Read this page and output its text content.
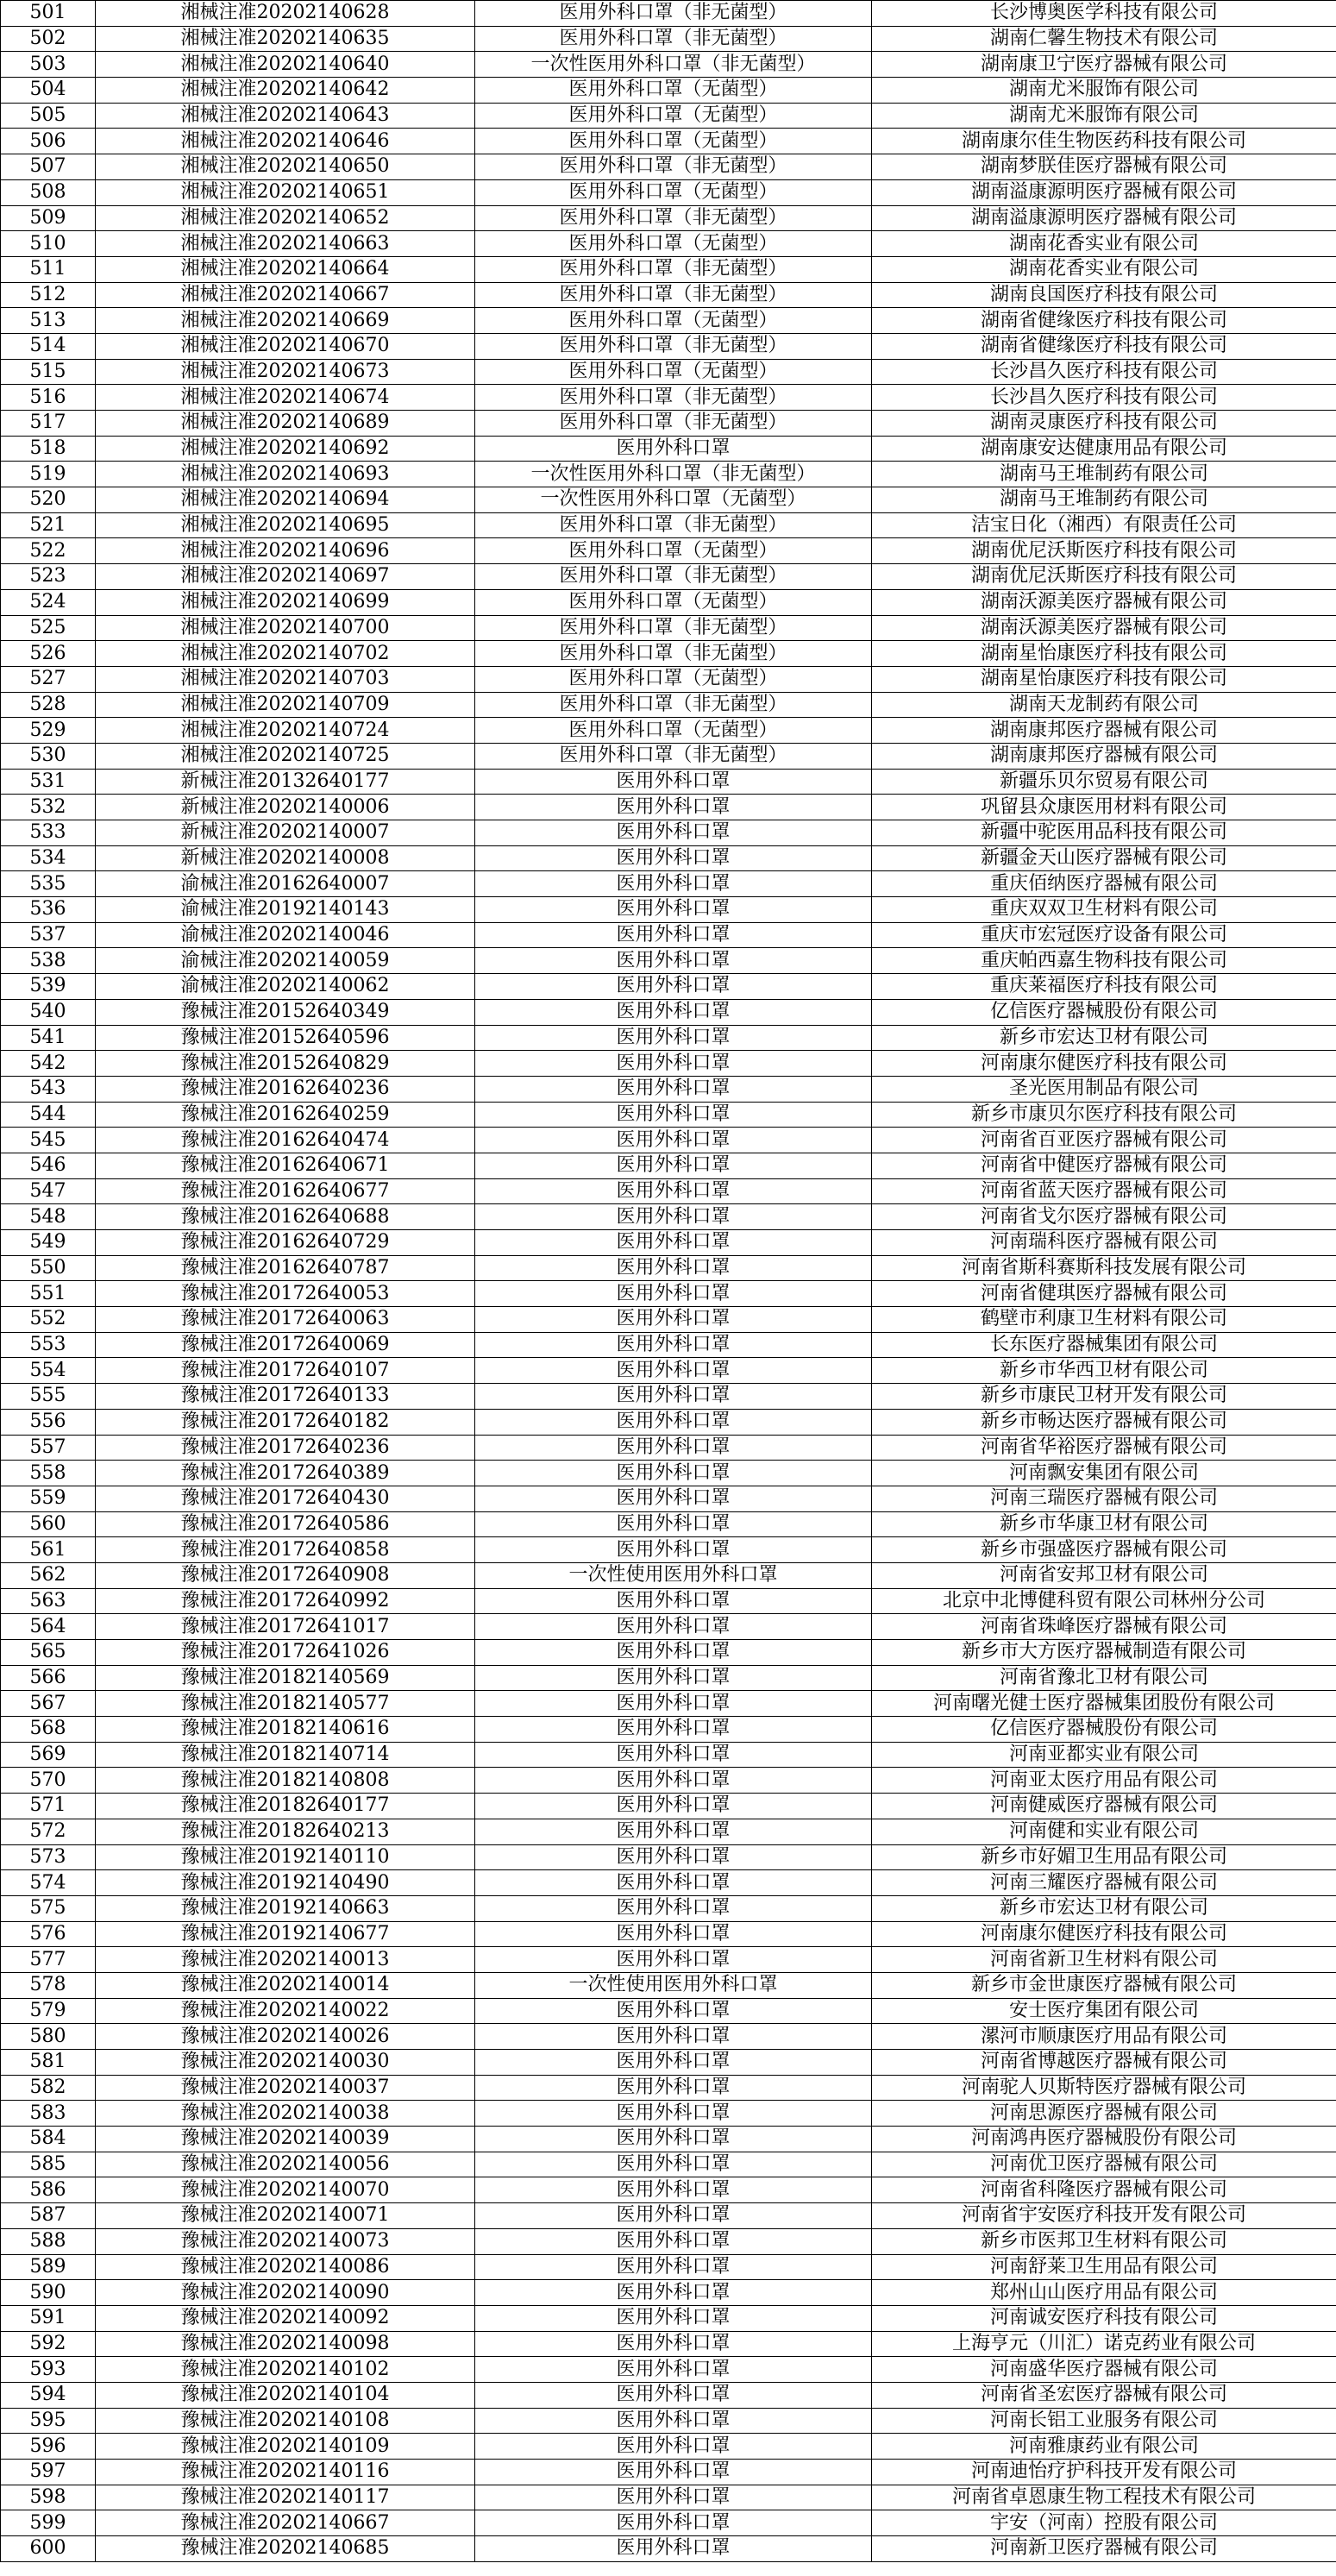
501	湘械注准20202140628	医用外科口罩（非无菌型）	长沙博奥医学科技有限公司
502	湘械注准20202140635	医用外科口罩（非无菌型）	湖南仁馨生物技术有限公司
503	湘械注准20202140640	一次性医用外科口罩（非无菌型）	湖南康卫宁医疗器械有限公司
504	湘械注准20202140642	医用外科口罩（无菌型）	湖南尤米服饰有限公司
505	湘械注准20202140643	医用外科口罩（无菌型）	湖南尤米服饰有限公司
506	湘械注准20202140646	医用外科口罩（无菌型）	湖南康尔佳生物医药科技有限公司
507	湘械注准20202140650	医用外科口罩（非无菌型）	湖南梦朕佳医疗器械有限公司
508	湘械注准20202140651	医用外科口罩（无菌型）	湖南溢康源明医疗器械有限公司
509	湘械注准20202140652	医用外科口罩（非无菌型）	湖南溢康源明医疗器械有限公司
510	湘械注准20202140663	医用外科口罩（无菌型）	湖南花香实业有限公司
511	湘械注准20202140664	医用外科口罩（非无菌型）	湖南花香实业有限公司
512	湘械注准20202140667	医用外科口罩（非无菌型）	湖南良国医疗科技有限公司
513	湘械注准20202140669	医用外科口罩（无菌型）	湖南省健缘医疗科技有限公司
514	湘械注准20202140670	医用外科口罩（非无菌型）	湖南省健缘医疗科技有限公司
515	湘械注准20202140673	医用外科口罩（无菌型）	长沙昌久医疗科技有限公司
516	湘械注准20202140674	医用外科口罩（非无菌型）	长沙昌久医疗科技有限公司
517	湘械注准20202140689	医用外科口罩（非无菌型）	湖南灵康医疗科技有限公司
518	湘械注准20202140692	医用外科口罩	湖南康安达健康用品有限公司
519	湘械注准20202140693	一次性医用外科口罩（非无菌型）	湖南马王堆制药有限公司
520	湘械注准20202140694	一次性医用外科口罩（无菌型）	湖南马王堆制药有限公司
521	湘械注准20202140695	医用外科口罩（非无菌型）	洁宝日化（湘西）有限责任公司
522	湘械注准20202140696	医用外科口罩（无菌型）	湖南优尼沃斯医疗科技有限公司
523	湘械注准20202140697	医用外科口罩（非无菌型）	湖南优尼沃斯医疗科技有限公司
524	湘械注准20202140699	医用外科口罩（无菌型）	湖南沃源美医疗器械有限公司
525	湘械注准20202140700	医用外科口罩（非无菌型）	湖南沃源美医疗器械有限公司
526	湘械注准20202140702	医用外科口罩（非无菌型）	湖南星怡康医疗科技有限公司
527	湘械注准20202140703	医用外科口罩（无菌型）	湖南星怡康医疗科技有限公司
528	湘械注准20202140709	医用外科口罩（非无菌型）	湖南天龙制药有限公司
529	湘械注准20202140724	医用外科口罩（无菌型）	湖南康邦医疗器械有限公司
530	湘械注准20202140725	医用外科口罩（非无菌型）	湖南康邦医疗器械有限公司
531	新械注准20132640177	医用外科口罩	新疆乐贝尔贸易有限公司
532	新械注准20202140006	医用外科口罩	巩留县众康医用材料有限公司
533	新械注准20202140007	医用外科口罩	新疆中驼医用品科技有限公司
534	新械注准20202140008	医用外科口罩	新疆金天山医疗器械有限公司
535	渝械注准20162640007	医用外科口罩	重庆佰纳医疗器械有限公司
536	渝械注准20192140143	医用外科口罩	重庆双双卫生材料有限公司
537	渝械注准20202140046	医用外科口罩	重庆市宏冠医疗设备有限公司
538	渝械注准20202140059	医用外科口罩	重庆帕西嘉生物科技有限公司
539	渝械注准20202140062	医用外科口罩	重庆莱福医疗科技有限公司
540	豫械注准20152640349	医用外科口罩	亿信医疗器械股份有限公司
541	豫械注准20152640596	医用外科口罩	新乡市宏达卫材有限公司
542	豫械注准20152640829	医用外科口罩	河南康尔健医疗科技有限公司
543	豫械注准20162640236	医用外科口罩	圣光医用制品有限公司
544	豫械注准20162640259	医用外科口罩	新乡市康贝尔医疗科技有限公司
545	豫械注准20162640474	医用外科口罩	河南省百亚医疗器械有限公司
546	豫械注准20162640671	医用外科口罩	河南省中健医疗器械有限公司
547	豫械注准20162640677	医用外科口罩	河南省蓝天医疗器械有限公司
548	豫械注准20162640688	医用外科口罩	河南省戈尔医疗器械有限公司
549	豫械注准20162640729	医用外科口罩	河南瑞科医疗器械有限公司
550	豫械注准20162640787	医用外科口罩	河南省斯科赛斯科技发展有限公司
551	豫械注准20172640053	医用外科口罩	河南省健琪医疗器械有限公司
552	豫械注准20172640063	医用外科口罩	鹤壁市利康卫生材料有限公司
553	豫械注准20172640069	医用外科口罩	长东医疗器械集团有限公司
554	豫械注准20172640107	医用外科口罩	新乡市华西卫材有限公司
555	豫械注准20172640133	医用外科口罩	新乡市康民卫材开发有限公司
556	豫械注准20172640182	医用外科口罩	新乡市畅达医疗器械有限公司
557	豫械注准20172640236	医用外科口罩	河南省华裕医疗器械有限公司
558	豫械注准20172640389	医用外科口罩	河南飘安集团有限公司
559	豫械注准20172640430	医用外科口罩	河南三瑞医疗器械有限公司
560	豫械注准20172640586	医用外科口罩	新乡市华康卫材有限公司
561	豫械注准20172640858	医用外科口罩	新乡市强盛医疗器械有限公司
562	豫械注准20172640908	一次性使用医用外科口罩	河南省安邦卫材有限公司
563	豫械注准20172640992	医用外科口罩	北京中北博健科贸有限公司林州分公司
564	豫械注准20172641017	医用外科口罩	河南省珠峰医疗器械有限公司
565	豫械注准20172641026	医用外科口罩	新乡市大方医疗器械制造有限公司
566	豫械注准20182140569	医用外科口罩	河南省豫北卫材有限公司
567	豫械注准20182140577	医用外科口罩	河南曙光健士医疗器械集团股份有限公司
568	豫械注准20182140616	医用外科口罩	亿信医疗器械股份有限公司
569	豫械注准20182140714	医用外科口罩	河南亚都实业有限公司
570	豫械注准20182140808	医用外科口罩	河南亚太医疗用品有限公司
571	豫械注准20182640177	医用外科口罩	河南健威医疗器械有限公司
572	豫械注准20182640213	医用外科口罩	河南健和实业有限公司
573	豫械注准20192140110	医用外科口罩	新乡市好媚卫生用品有限公司
574	豫械注准20192140490	医用外科口罩	河南三耀医疗器械有限公司
575	豫械注准20192140663	医用外科口罩	新乡市宏达卫材有限公司
576	豫械注准20192140677	医用外科口罩	河南康尔健医疗科技有限公司
577	豫械注准20202140013	医用外科口罩	河南省新卫生材料有限公司
578	豫械注准20202140014	一次性使用医用外科口罩	新乡市金世康医疗器械有限公司
579	豫械注准20202140022	医用外科口罩	安士医疗集团有限公司
580	豫械注准20202140026	医用外科口罩	漯河市顺康医疗用品有限公司
581	豫械注准20202140030	医用外科口罩	河南省博越医疗器械有限公司
582	豫械注准20202140037	医用外科口罩	河南驼人贝斯特医疗器械有限公司
583	豫械注准20202140038	医用外科口罩	河南思源医疗器械有限公司
584	豫械注准20202140039	医用外科口罩	河南鸿冉医疗器械股份有限公司
585	豫械注准20202140056	医用外科口罩	河南优卫医疗器械有限公司
586	豫械注准20202140070	医用外科口罩	河南省科隆医疗器械有限公司
587	豫械注准20202140071	医用外科口罩	河南省宇安医疗科技开发有限公司
588	豫械注准20202140073	医用外科口罩	新乡市医邦卫生材料有限公司
589	豫械注准20202140086	医用外科口罩	河南舒莱卫生用品有限公司
590	豫械注准20202140090	医用外科口罩	郑州山山医疗用品有限公司
591	豫械注准20202140092	医用外科口罩	河南诚安医疗科技有限公司
592	豫械注准20202140098	医用外科口罩	上海亨元（川汇）诺克药业有限公司
593	豫械注准20202140102	医用外科口罩	河南盛华医疗器械有限公司
594	豫械注准20202140104	医用外科口罩	河南省圣宏医疗器械有限公司
595	豫械注准20202140108	医用外科口罩	河南长铝工业服务有限公司
596	豫械注准20202140109	医用外科口罩	河南雅康药业有限公司
597	豫械注准20202140116	医用外科口罩	河南迪怡疗护科技开发有限公司
598	豫械注准20202140117	医用外科口罩	河南省卓恩康生物工程技术有限公司
599	豫械注准20202140667	医用外科口罩	宇安（河南）控股有限公司
600	豫械注准20202140685	医用外科口罩	河南新卫医疗器械有限公司
